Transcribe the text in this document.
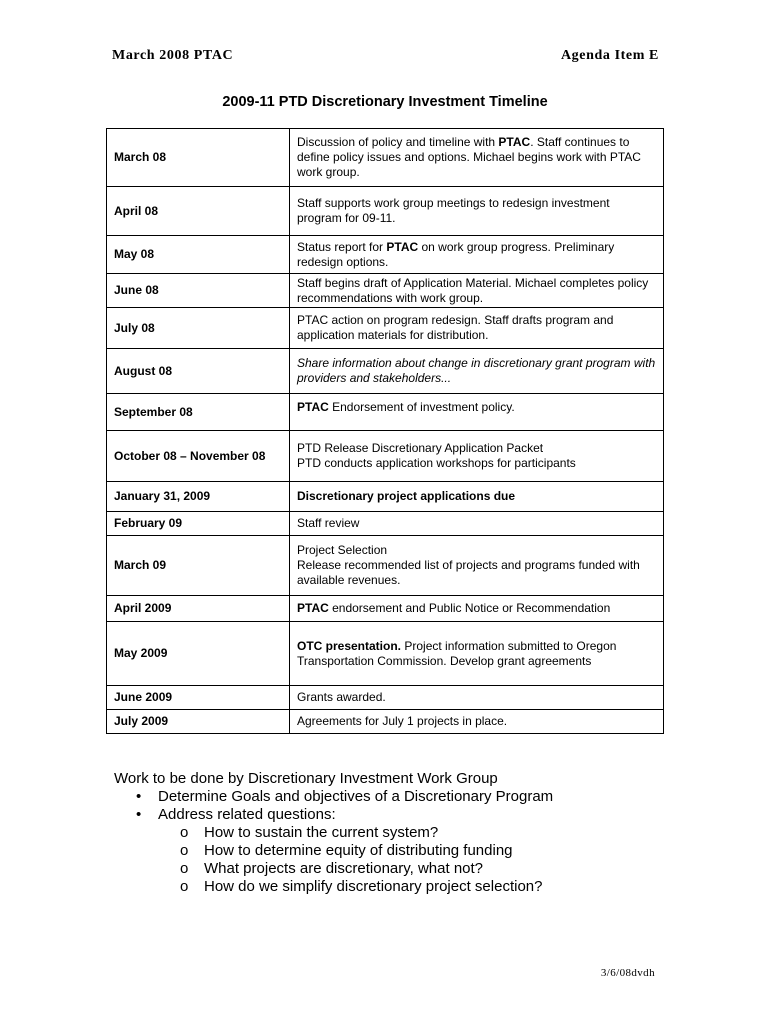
March 2008 PTAC	Agenda Item E
2009-11 PTD Discretionary Investment Timeline
March 08	Discussion of policy and timeline with PTAC. Staff continues to define policy issues and options. Michael begins work with PTAC work group.
April 08	Staff supports work group meetings to redesign investment program for 09-11.
May 08	Status report for PTAC on work group progress. Preliminary redesign options.
June 08	Staff begins draft of Application Material. Michael completes policy recommendations with work group.
July 08	PTAC action on program redesign. Staff drafts program and application materials for distribution.
August 08	Share information about change in discretionary grant program with providers and stakeholders...
September 08	PTAC Endorsement of investment policy.
October 08 – November 08	PTD Release Discretionary Application Packet
PTD conducts application workshops for participants
January 31, 2009	Discretionary project applications due
February 09	Staff review
March 09	Project Selection
Release recommended list of projects and programs funded with available revenues.
April 2009	PTAC endorsement and Public Notice or Recommendation
May 2009	OTC presentation. Project information submitted to Oregon Transportation Commission. Develop grant agreements
June 2009	Grants awarded.
July 2009	Agreements for July 1 projects in place.
Work to be done by Discretionary Investment Work Group
• Determine Goals and objectives of a Discretionary Program
• Address related questions:
o How to sustain the current system?
o How to determine equity of distributing funding
o What projects are discretionary, what not?
o How do we simplify discretionary project selection?
3/6/08dvdh
